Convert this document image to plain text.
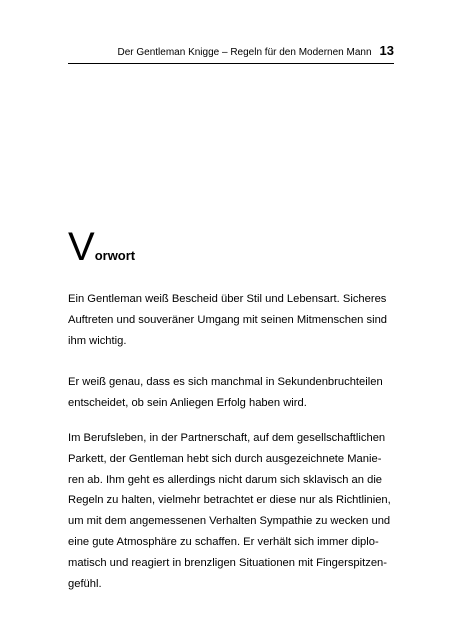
Der Gentleman Knigge – Regeln für den Modernen Mann 13
Vorwort

Ein Gentleman weiß Bescheid über Stil und Lebensart. Sicheres
Auftreten und souveräner Umgang mit seinen Mitmenschen sind
ihm wichtig.

Er weiß genau, dass es sich manchmal in Sekundenbruchteilen
entscheidet, ob sein Anliegen Erfolg haben wird.

Im Berufsleben, in der Partnerschaft, auf dem gesellschaftlichen
Parkett, der Gentleman hebt sich durch ausgezeichnete Manie-
ren ab. Ihm geht es allerdings nicht darum sich sklavisch an die
Regeln zu halten, vielmehr betrachtet er diese nur als Richtlinien,
um mit dem angemessenen Verhalten Sympathie zu wecken und
eine gute Atmosphäre zu schaffen. Er verhält sich immer diplo-
matisch und reagiert in brenzligen Situationen mit Fingerspitzen-
gefühl.
